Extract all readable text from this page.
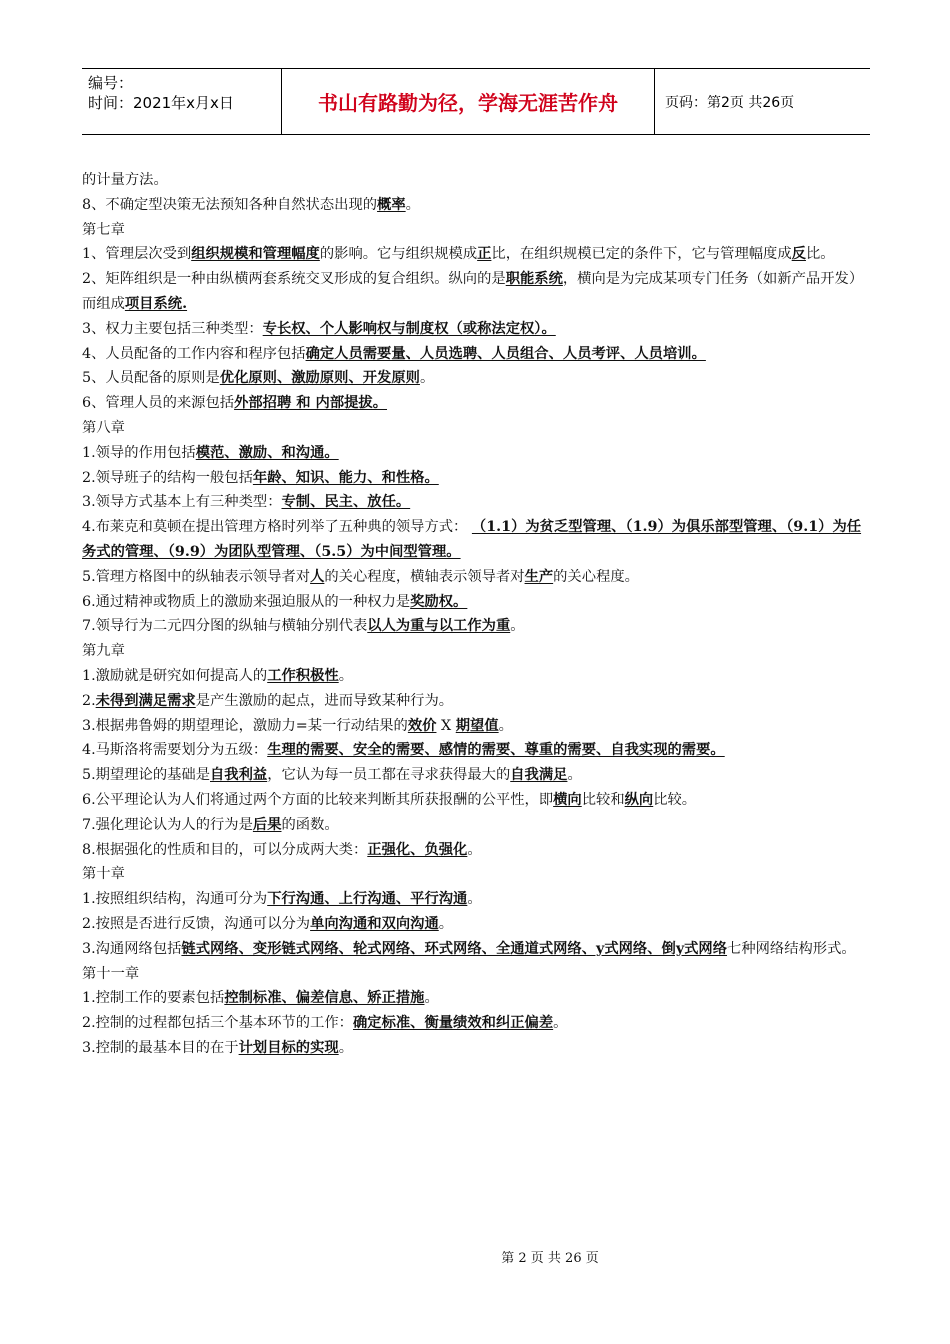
编号：
时间：2021年x月x日	书山有路勤为径，学海无涯苦作舟	页码：第2页 共26页

的计量方法。

8、不确定型决策无法预知各种自然状态出现的概率。

第七章

1、管理层次受到组织规模和管理幅度的影响。它与组织规模成正比，在组织规模已定的条件下，它与管理幅度成反比。

2、矩阵组织是一种由纵横两套系统交叉形成的复合组织。纵向的是职能系统，横向是为完成某项专门任务（如新产品开发）而组成项目系统.

3、权力主要包括三种类型：专长权、个人影响权与制度权（或称法定权）。

4、人员配备的工作内容和程序包括确定人员需要量、人员选聘、人员组合、人员考评、人员培训。

5、人员配备的原则是优化原则、激励原则、开发原则。

6、管理人员的来源包括外部招聘 和 内部提拔。

第八章

1.领导的作用包括模范、激励、和沟通。

2.领导班子的结构一般包括年龄、知识、能力、和性格。

3.领导方式基本上有三种类型：专制、民主、放任。

4.布莱克和莫顿在提出管理方格时列举了五种典的领导方式： （1.1）为贫乏型管理、（1.9）为俱乐部型管理、（9.1）为任务式的管理、（9.9）为团队型管理、（5.5）为中间型管理。

5.管理方格图中的纵轴表示领导者对人的关心程度，横轴表示领导者对生产的关心程度。

6.通过精神或物质上的激励来强迫服从的一种权力是奖励权。

7.领导行为二元四分图的纵轴与横轴分别代表以人为重与以工作为重。

第九章

1.激励就是研究如何提高人的工作积极性。

2.未得到满足需求是产生激励的起点，进而导致某种行为。

3.根据弗鲁姆的期望理论，激励力=某一行动结果的效价 X 期望值。

4.马斯洛将需要划分为五级：生理的需要、安全的需要、感情的需要、尊重的需要、自我实现的需要。

5.期望理论的基础是自我利益，它认为每一员工都在寻求获得最大的自我满足。

6.公平理论认为人们将通过两个方面的比较来判断其所获报酬的公平性，即横向比较和纵向比较。

7.强化理论认为人的行为是后果的函数。

8.根据强化的性质和目的，可以分成两大类：正强化、负强化。

第十章

1.按照组织结构，沟通可分为下行沟通、上行沟通、平行沟通。

2.按照是否进行反馈，沟通可以分为单向沟通和双向沟通。

3.沟通网络包括链式网络、变形链式网络、轮式网络、环式网络、全通道式网络、y式网络、倒y式网络七种网络结构形式。

第十一章

1.控制工作的要素包括控制标准、偏差信息、矫正措施。

2.控制的过程都包括三个基本环节的工作：确定标准、衡量绩效和纠正偏差。

3.控制的最基本目的在于计划目标的实现。

第 2 页 共 26 页
